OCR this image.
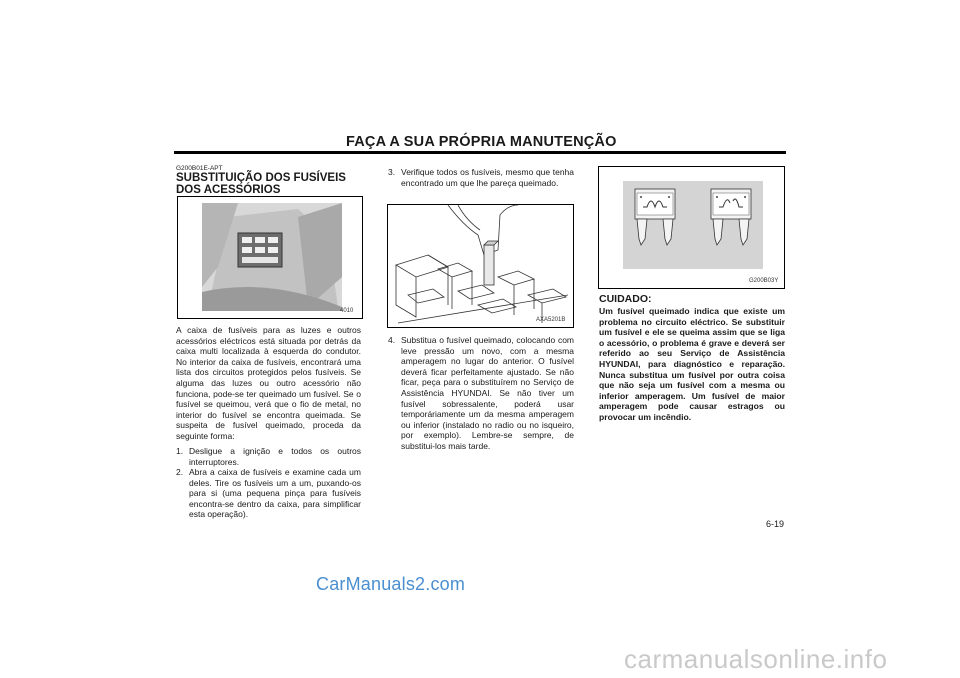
FAÇA A SUA PRÓPRIA MANUTENÇÃO
G200B01E-APT
SUBSTITUIÇÃO DOS FUSÍVEIS DOS ACESSÓRIOS
4010
A caixa de fusíveis para as luzes e outros acessórios eléctricos está situada por detrás da caixa multi localizada à esquerda do condutor. No interior da caixa de fusíveis, encontrará uma lista dos circuitos protegidos pelos fusíveis. Se alguma das luzes ou outro acessório não funciona, pode-se ter queimado um fusível. Se o fusível se queimou, verá que o fio de metal, no interior do fusível se encontra queimada. Se suspeita de fusível queimado, proceda da seguinte forma:
1. Desligue a ignição e todos os outros interruptores.
2. Abra a caixa de fusíveis e examine cada um deles. Tire os fusíveis um a um, puxando-os para si (uma pequena pinça para fusíveis encontra-se dentro da caixa, para simplificar esta operação).
3. Verifique todos os fusíveis, mesmo que tenha encontrado um que lhe pareça queimado.
AXA5201B
4. Substitua o fusível queimado, colocando com leve pressão um novo, com a mesma amperagem no lugar do anterior. O fusível deverá ficar perfeitamente ajustado. Se não ficar, peça para o substituírem no Serviço de Assistência HYUNDAI. Se não tiver um fusível sobressalente, poderá usar temporáriamente um da mesma amperagem ou inferior (instalado no radio ou no isqueiro, por exemplo). Lembre-se sempre, de substitui-los mais tarde.
G200B03Y
CUIDADO:
Um fusível queimado indica que existe um problema no circuito eléctrico. Se substituir um fusível e ele se queima assim que se liga o acessório, o problema é grave e deverá ser referido ao seu Serviço de Assistência HYUNDAI, para diagnóstico e reparação. Nunca substitua um fusível por outra coisa que não seja um fusível com a mesma ou inferior amperagem. Um fusível de maior amperagem pode causar estragos ou provocar um incêndio.
6-19
CarManuals2.com
carmanualsonline.info
